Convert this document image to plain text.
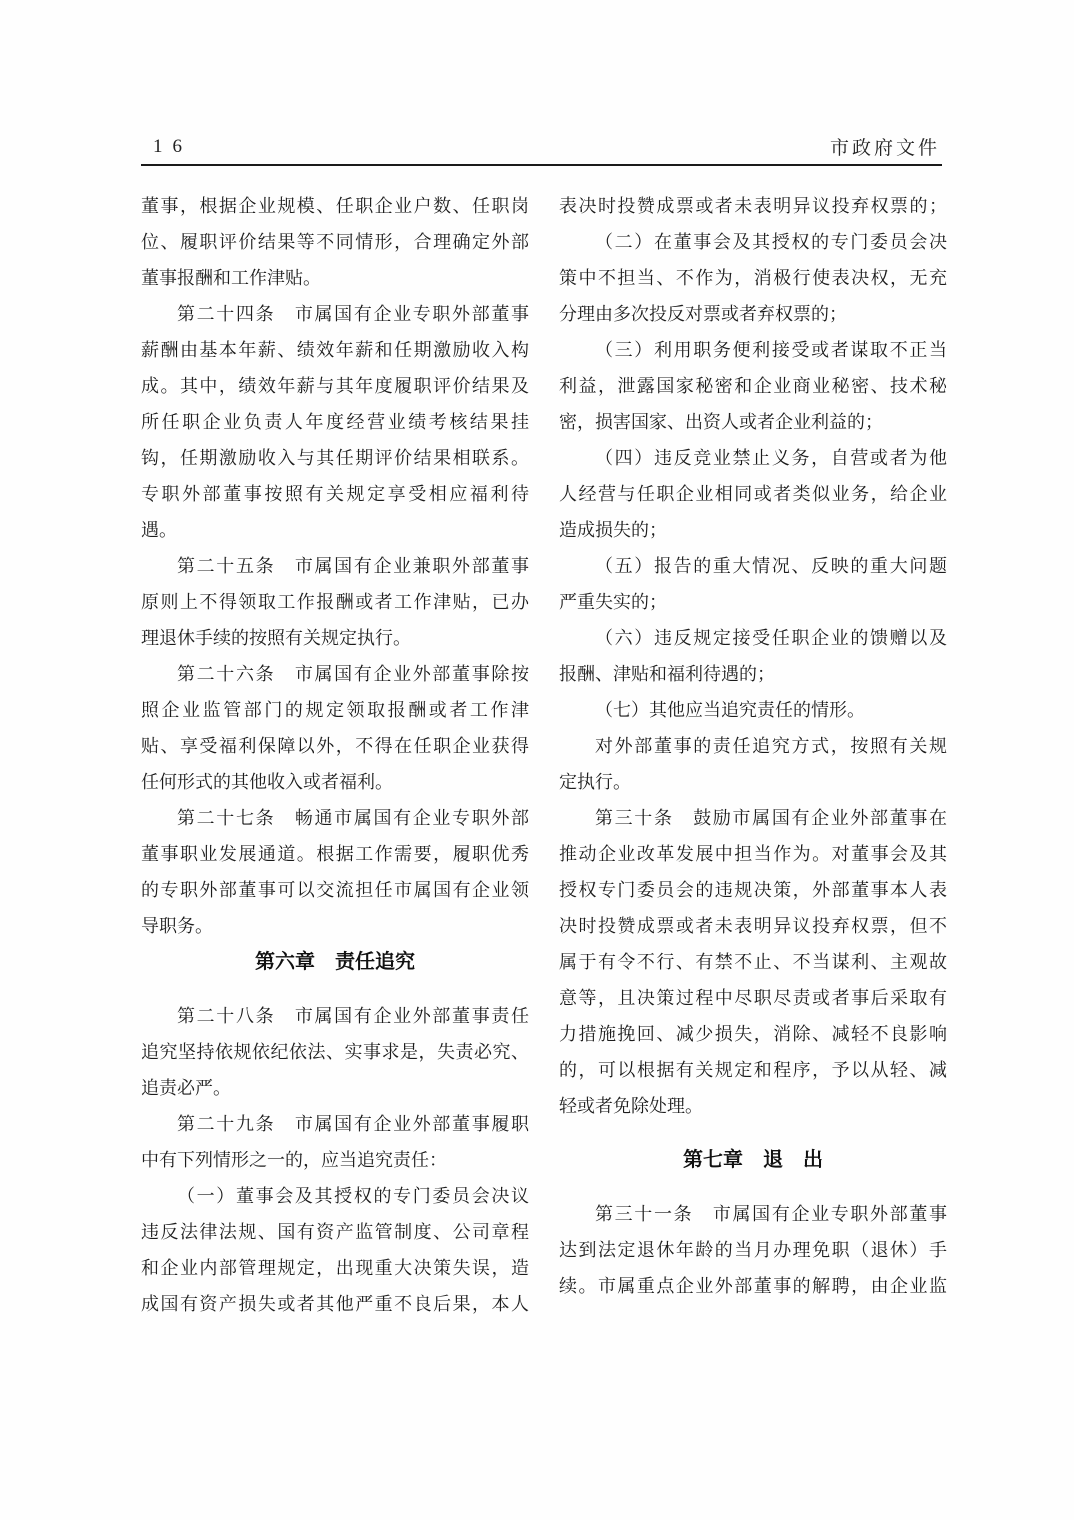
16	市政府文件
董事，根据企业规模、任职企业户数、任职岗
位、履职评价结果等不同情形，合理确定外部
董事报酬和工作津贴。
第二十四条　市属国有企业专职外部董事
薪酬由基本年薪、绩效年薪和任期激励收入构
成。其中，绩效年薪与其年度履职评价结果及
所任职企业负责人年度经营业绩考核结果挂
钩，任期激励收入与其任期评价结果相联系。
专职外部董事按照有关规定享受相应福利待
遇。
第二十五条　市属国有企业兼职外部董事
原则上不得领取工作报酬或者工作津贴，已办
理退休手续的按照有关规定执行。
第二十六条　市属国有企业外部董事除按
照企业监管部门的规定领取报酬或者工作津
贴、享受福利保障以外，不得在任职企业获得
任何形式的其他收入或者福利。
第二十七条　畅通市属国有企业专职外部
董事职业发展通道。根据工作需要，履职优秀
的专职外部董事可以交流担任市属国有企业领
导职务。
第六章　责任追究
第二十八条　市属国有企业外部董事责任
追究坚持依规依纪依法、实事求是，失责必究、
追责必严。
第二十九条　市属国有企业外部董事履职
中有下列情形之一的，应当追究责任：
（一）董事会及其授权的专门委员会决议
违反法律法规、国有资产监管制度、公司章程
和企业内部管理规定，出现重大决策失误，造
成国有资产损失或者其他严重不良后果，本人
表决时投赞成票或者未表明异议投弃权票的；
（二）在董事会及其授权的专门委员会决
策中不担当、不作为，消极行使表决权，无充
分理由多次投反对票或者弃权票的；
（三）利用职务便利接受或者谋取不正当
利益，泄露国家秘密和企业商业秘密、技术秘
密，损害国家、出资人或者企业利益的；
（四）违反竞业禁止义务，自营或者为他
人经营与任职企业相同或者类似业务，给企业
造成损失的；
（五）报告的重大情况、反映的重大问题
严重失实的；
（六）违反规定接受任职企业的馈赠以及
报酬、津贴和福利待遇的；
（七）其他应当追究责任的情形。
对外部董事的责任追究方式，按照有关规
定执行。
第三十条　鼓励市属国有企业外部董事在
推动企业改革发展中担当作为。对董事会及其
授权专门委员会的违规决策，外部董事本人表
决时投赞成票或者未表明异议投弃权票，但不
属于有令不行、有禁不止、不当谋利、主观故
意等，且决策过程中尽职尽责或者事后采取有
力措施挽回、减少损失，消除、减轻不良影响
的，可以根据有关规定和程序，予以从轻、减
轻或者免除处理。
第七章　退　出
第三十一条　市属国有企业专职外部董事
达到法定退休年龄的当月办理免职（退休）手
续。市属重点企业外部董事的解聘，由企业监
